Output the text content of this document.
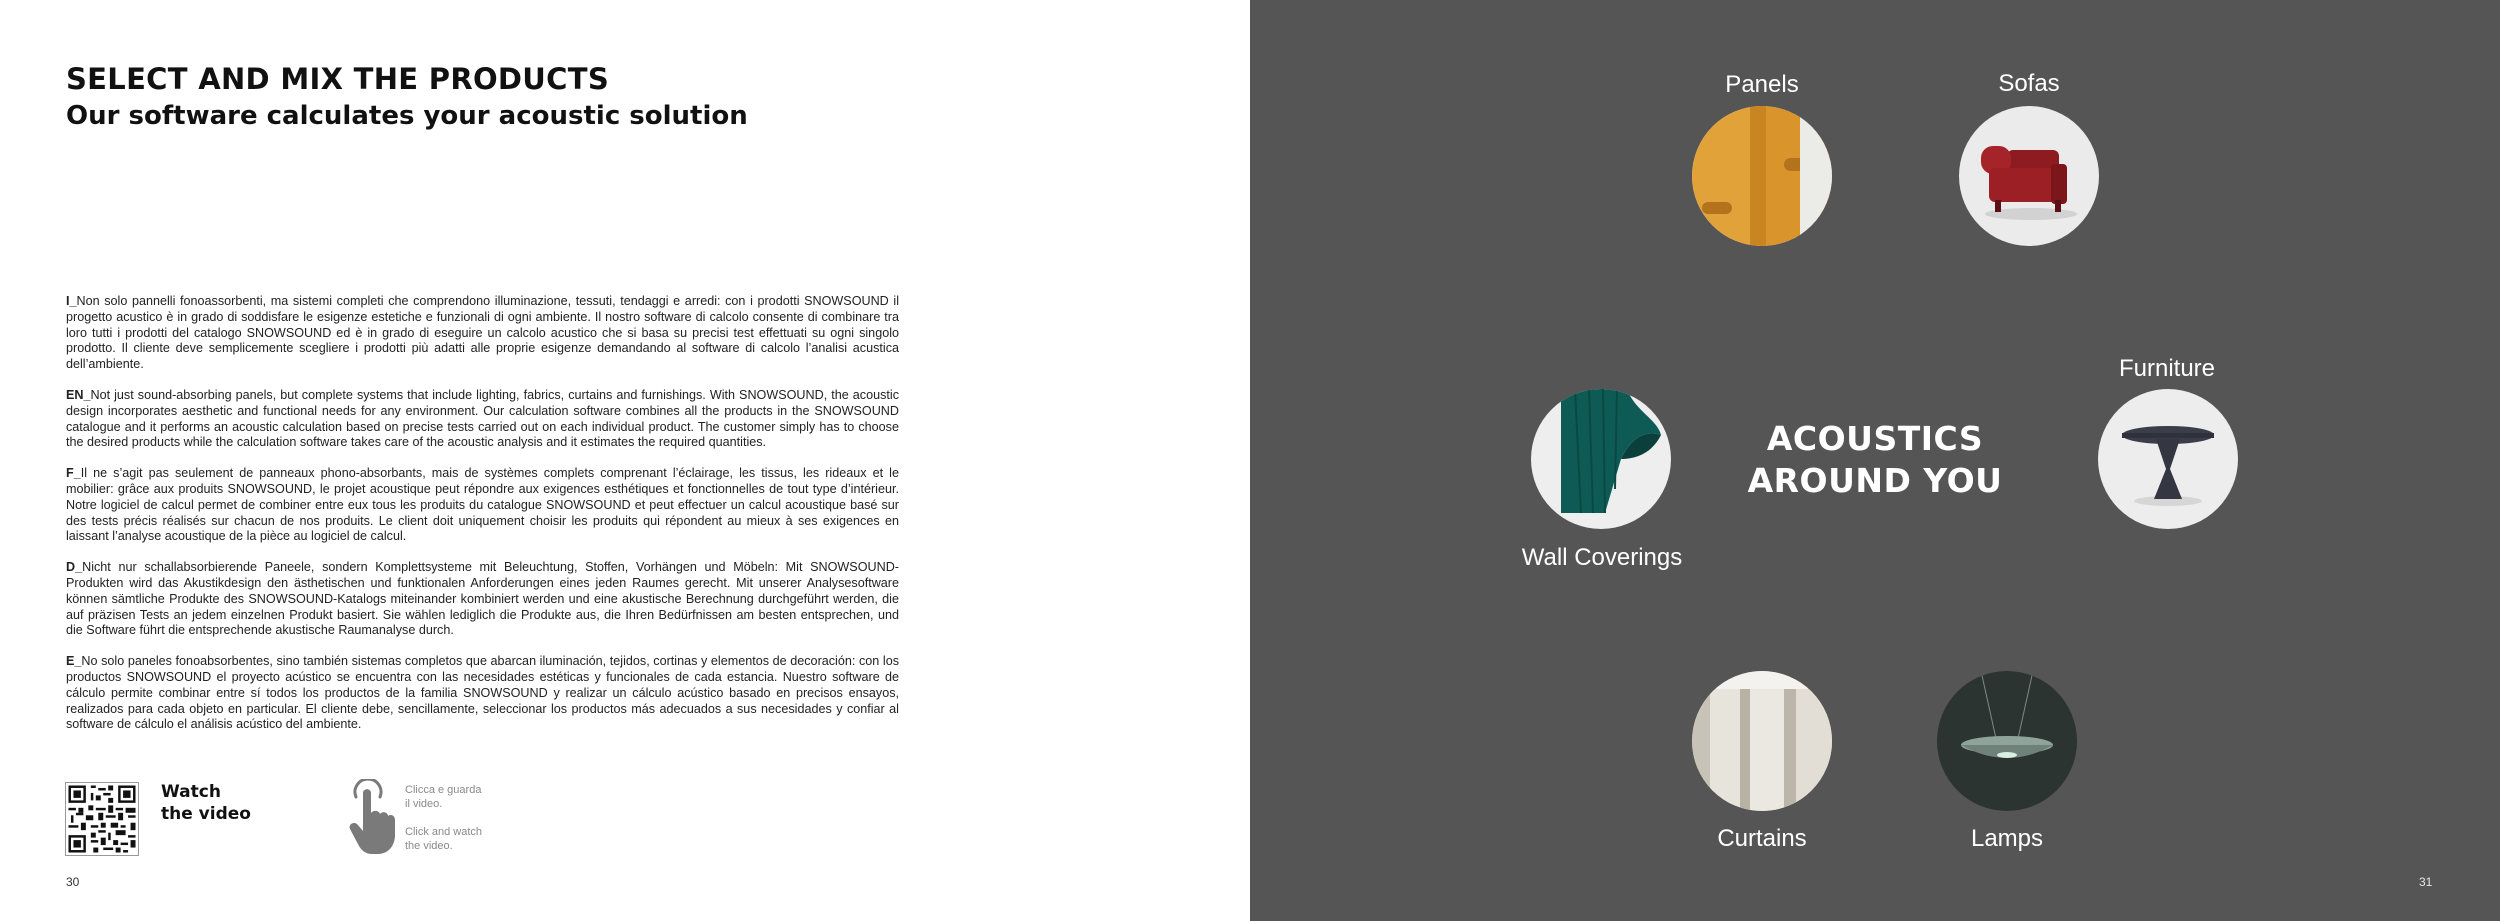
SELECT AND MIX THE PRODUCTS
Our software calculates your acoustic solution

I_Non solo pannelli fonoassorbenti, ma sistemi completi che comprendono illuminazione, tessuti, tendaggi e arredi: con i prodotti SNOWSOUND il progetto acustico è in grado di soddisfare le esigenze estetiche e funzionali di ogni ambiente. Il nostro software di calcolo consente di combinare tra loro tutti i prodotti del catalogo SNOWSOUND ed è in grado di eseguire un calcolo acustico che si basa su precisi test effettuati su ogni singolo prodotto. Il cliente deve semplicemente scegliere i prodotti più adatti alle proprie esigenze demandando al software di calcolo l’analisi acustica dell’ambiente.

EN_Not just sound-absorbing panels, but complete systems that include lighting, fabrics, curtains and furnishings. With SNOWSOUND, the acoustic design incorporates aesthetic and functional needs for any environment. Our calculation software combines all the products in the SNOWSOUND catalogue and it performs an acoustic calculation based on precise tests carried out on each individual product. The customer simply has to choose the desired products while the calculation software takes care of the acoustic analysis and it estimates the required quantities.

F_Il ne s’agit pas seulement de panneaux phono-absorbants, mais de systèmes complets comprenant l’éclairage, les tissus, les rideaux et le mobilier: grâce aux produits SNOWSOUND, le projet acoustique peut répondre aux exigences esthétiques et fonctionnelles de tout type d’intérieur. Notre logiciel de calcul permet de combiner entre eux tous les produits du catalogue SNOWSOUND et peut effectuer un calcul acoustique basé sur des tests précis réalisés sur chacun de nos produits. Le client doit uniquement choisir les produits qui répondent au mieux à ses exigences en laissant l’analyse acoustique de la pièce au logiciel de calcul.

D_Nicht nur schallabsorbierende Paneele, sondern Komplettsysteme mit Beleuchtung, Stoffen, Vorhängen und Möbeln: Mit SNOWSOUND-Produkten wird das Akustikdesign den ästhetischen und funktionalen Anforderungen eines jeden Raumes gerecht. Mit unserer Analysesoftware können sämtliche Produkte des SNOWSOUND-Katalogs miteinander kombiniert werden und eine akustische Berechnung durchgeführt werden, die auf präzisen Tests an jedem einzelnen Produkt basiert. Sie wählen lediglich die Produkte aus, die Ihren Bedürfnissen am besten entsprechen, und die Software führt die entsprechende akustische Raumanalyse durch.

E_No solo paneles fonoabsorbentes, sino también sistemas completos que abarcan iluminación, tejidos, cortinas y elementos de decoración: con los productos SNOWSOUND el proyecto acústico se encuentra con las necesidades estéticas y funcionales de cada estancia. Nuestro software de cálculo permite combinar entre sí todos los productos de la familia SNOWSOUND y realizar un cálculo acústico basado en precisos ensayos, realizados para cada objeto en particular. El cliente debe, sencillamente, seleccionar los productos más adecuados a sus necesidades y confiar al software de cálculo el análisis acústico del ambiente.

Watch
the video
Clicca e guarda
il video.
Click and watch
the video.
30
Panels	Sofas
Furniture
Wall Coverings
ACOUSTICS
AROUND YOU
Curtains	Lamps
31
